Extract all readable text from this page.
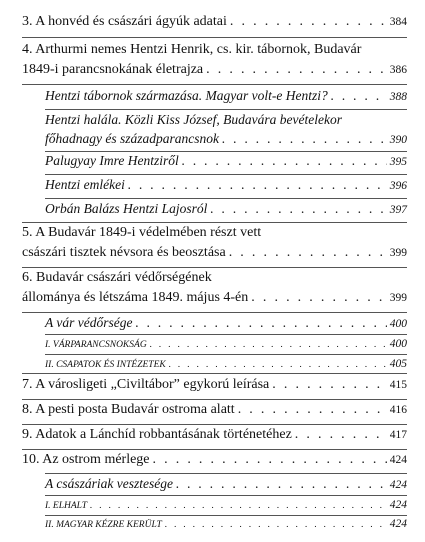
3. A honvéd és császári ágyúk adatai . . .	384
4. Arthurmi nemes Hentzi Henrik, cs. kir. tábornok, Budavár
1849-i parancsnokának életrajza . . .	386
Hentzi tábornok származása. Magyar volt-e Hentzi? . . .	388
Hentzi halála. Közli Kiss József, Budavára bevételekor
főhadnagy és századparancsnok . . .	390
Palugyay Imre Hentziről . . .	395
Hentzi emlékei . . .	396
Orbán Balázs Hentzi Lajosról . . .	397
5. A Budavár 1849-i védelmében részt vett
császári tisztek névsora és beosztása . . .	399
6. Budavár császári védőrségének
állománya és létszáma 1849. május 4-én . . .	399
A vár védőrsége . . .	400
I. VÁRPARANCSNOKSÁG . . .	400
II. CSAPATOK ÉS INTÉZETEK . . .	405
7. A városligeti „Civiltábor” egykorú leírása . . .	415
8. A pesti posta Budavár ostroma alatt . . .	416
9. Adatok a Lánchíd robbantásának történetéhez . . .	417
10. Az ostrom mérlege . . .	424
A császáriak vesztesége . . .	424
I. ELHALT . . .	424
II. MAGYAR KÉZRE KERÜLT . . .	424
